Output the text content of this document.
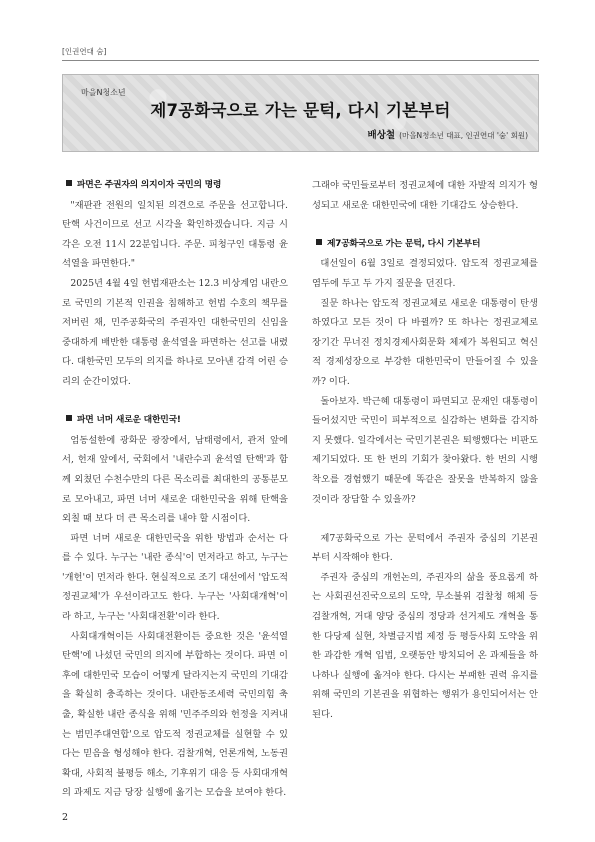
[인권연대 숨]
마을N청소년
제7공화국으로 가는 문턱, 다시 기본부터
배상철 (마을N청소년 대표, 인권연대 '숨' 회원)
파면은 주권자의 의지이자 국민의 명령

"재판관 전원의 일치된 의견으로 주문을 선고합니다. 탄핵 사건이므로 선고 시각을 확인하겠습니다. 지금 시각은 오전 11시 22분입니다. 주문. 피청구인 대통령 윤석열을 파면한다."

2025년 4월 4일 헌법재판소는 12.3 비상계엄 내란으로 국민의 기본적 인권을 침해하고 헌법 수호의 책무를 저버린 채, 민주공화국의 주권자인 대한국민의 신임을 중대하게 배반한 대통령 윤석열을 파면하는 선고를 내렸다. 대한국민 모두의 의지를 하나로 모아낸 감격 어린 승리의 순간이었다.

파면 너머 새로운 대한민국!

엄동설한에 광화문 광장에서, 남태령에서, 관저 앞에서, 헌재 앞에서, 국회에서 '내란수괴 윤석열 탄핵'과 함께 외쳤던 수천수만의 다른 목소리를 최대한의 공통분모로 모아내고, 파면 너머 새로운 대한민국을 위해 탄핵을 외칠 때 보다 더 큰 목소리를 내야 할 시점이다.

파면 너머 새로운 대한민국을 위한 방법과 순서는 다를 수 있다. 누구는 '내란 종식'이 먼저라고 하고, 누구는 '개헌'이 먼저라 한다. 현실적으로 조기 대선에서 '압도적 정권교체'가 우선이라고도 한다. 누구는 '사회대개혁'이라 하고, 누구는 '사회대전환'이라 한다.

사회대개혁이든 사회대전환이든 중요한 것은 '윤석열 탄핵'에 나섰던 국민의 의지에 부합하는 것이다. 파면 이후에 대한민국 모습이 어떻게 달라지는지 국민의 기대감을 확실히 충족하는 것이다. 내란동조세력 국민의힘 축출, 확실한 내란 종식을 위해 '민주주의와 헌정을 지켜내는 범민주대연합'으로 압도적 정권교체를 실현할 수 있다는 믿음을 형성해야 한다. 검찰개혁, 언론개혁, 노동권 확대, 사회적 불평등 해소, 기후위기 대응 등 사회대개혁의 과제도 지금 당장 실행에 옮기는 모습을 보여야 한다.

그래야 국민들로부터 정권교체에 대한 자발적 의지가 형성되고 새로운 대한민국에 대한 기대감도 상승한다.

제7공화국으로 가는 문턱, 다시 기본부터

대선일이 6월 3일로 결정되었다. 압도적 정권교체를 염두에 두고 두 가지 질문을 던진다.

질문 하나는 압도적 정권교체로 새로운 대통령이 탄생하였다고 모든 것이 다 바뀔까? 또 하나는 정권교체로 장기간 무너진 정치경제사회문화 체제가 복원되고 혁신적 경제성장으로 부강한 대한민국이 만들어질 수 있을까? 이다.

돌아보자. 박근혜 대통령이 파면되고 문재인 대통령이 들어섰지만 국민이 피부적으로 실감하는 변화를 감지하지 못했다. 일각에서는 국민기본권은 퇴행했다는 비판도 제기되었다. 또 한 번의 기회가 찾아왔다. 한 번의 시행착오를 경험했기 때문에 똑같은 잘못을 반복하지 않을 것이라 장담할 수 있을까?

제7공화국으로 가는 문턱에서 주권자 중심의 기본권부터 시작해야 한다.

주권자 중심의 개헌논의, 주권자의 삶을 풍요롭게 하는 사회권선진국으로의 도약, 무소불위 검찰청 해체 등 검찰개혁, 거대 양당 중심의 정당과 선거제도 개혁을 통한 다당제 실현, 차별금지법 제정 등 평등사회 도약을 위한 과감한 개혁 입법, 오랫동안 방치되어 온 과제들을 하나하나 실행에 옮겨야 한다. 다시는 부패한 권력 유지를 위해 국민의 기본권을 위협하는 행위가 용인되어서는 안 된다.

2
